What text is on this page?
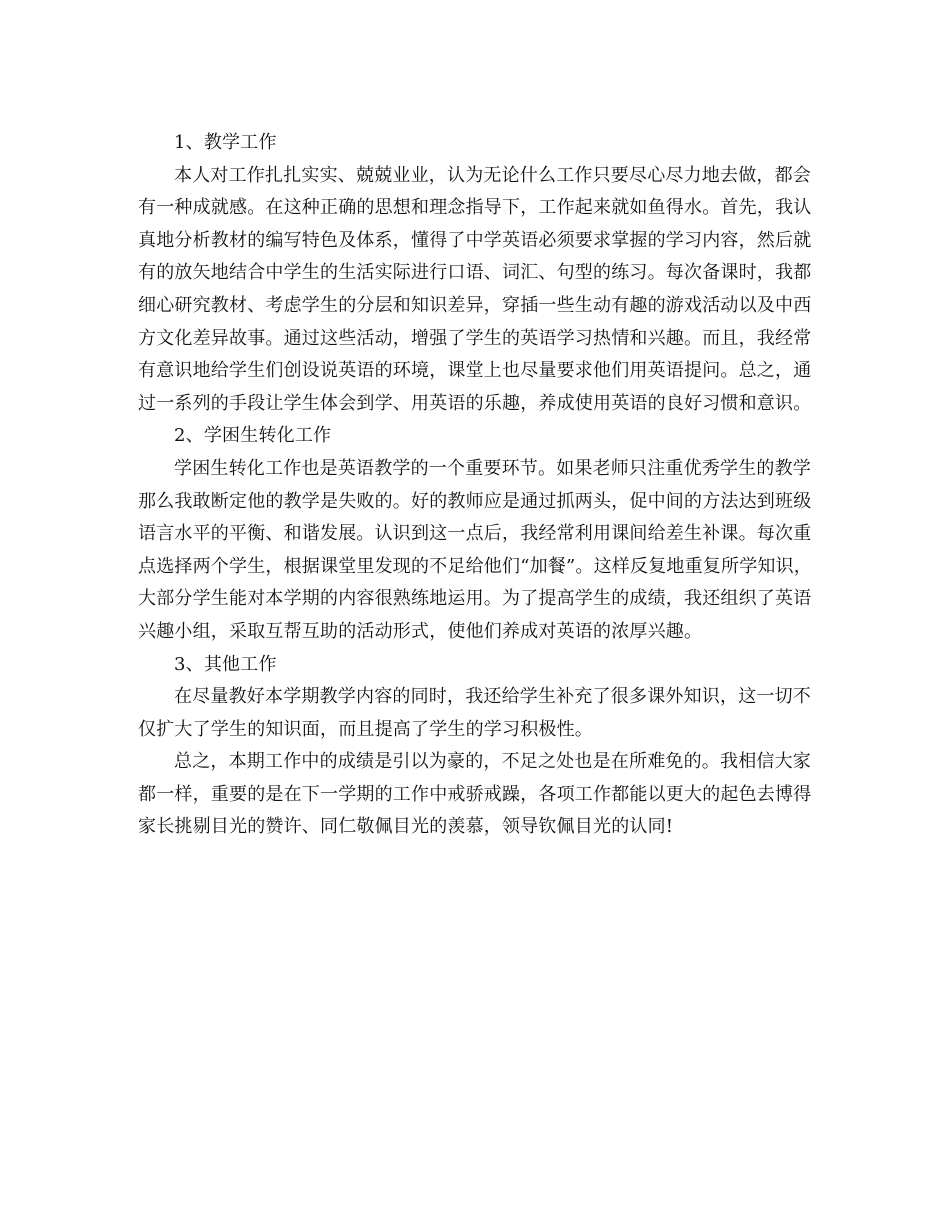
1、教学工作

本人对工作扎扎实实、兢兢业业，认为无论什么工作只要尽心尽力地去做，都会有一种成就感。在这种正确的思想和理念指导下，工作起来就如鱼得水。首先，我认真地分析教材的编写特色及体系，懂得了中学英语必须要求掌握的学习内容，然后就有的放矢地结合中学生的生活实际进行口语、词汇、句型的练习。每次备课时，我都细心研究教材、考虑学生的分层和知识差异，穿插一些生动有趣的游戏活动以及中西方文化差异故事。通过这些活动，增强了学生的英语学习热情和兴趣。而且，我经常有意识地给学生们创设说英语的环境，课堂上也尽量要求他们用英语提问。总之，通过一系列的手段让学生体会到学、用英语的乐趣，养成使用英语的良好习惯和意识。

2、学困生转化工作

学困生转化工作也是英语教学的一个重要环节。如果老师只注重优秀学生的教学那么我敢断定他的教学是失败的。好的教师应是通过抓两头，促中间的方法达到班级语言水平的平衡、和谐发展。认识到这一点后，我经常利用课间给差生补课。每次重点选择两个学生，根据课堂里发现的不足给他们“加餐”。这样反复地重复所学知识，大部分学生能对本学期的内容很熟练地运用。为了提高学生的成绩，我还组织了英语兴趣小组，采取互帮互助的活动形式，使他们养成对英语的浓厚兴趣。

3、其他工作

在尽量教好本学期教学内容的同时，我还给学生补充了很多课外知识，这一切不仅扩大了学生的知识面，而且提高了学生的学习积极性。

总之，本期工作中的成绩是引以为豪的，不足之处也是在所难免的。我相信大家都一样，重要的是在下一学期的工作中戒骄戒躁，各项工作都能以更大的起色去博得家长挑剔目光的赞许、同仁敬佩目光的羡慕，领导钦佩目光的认同!
